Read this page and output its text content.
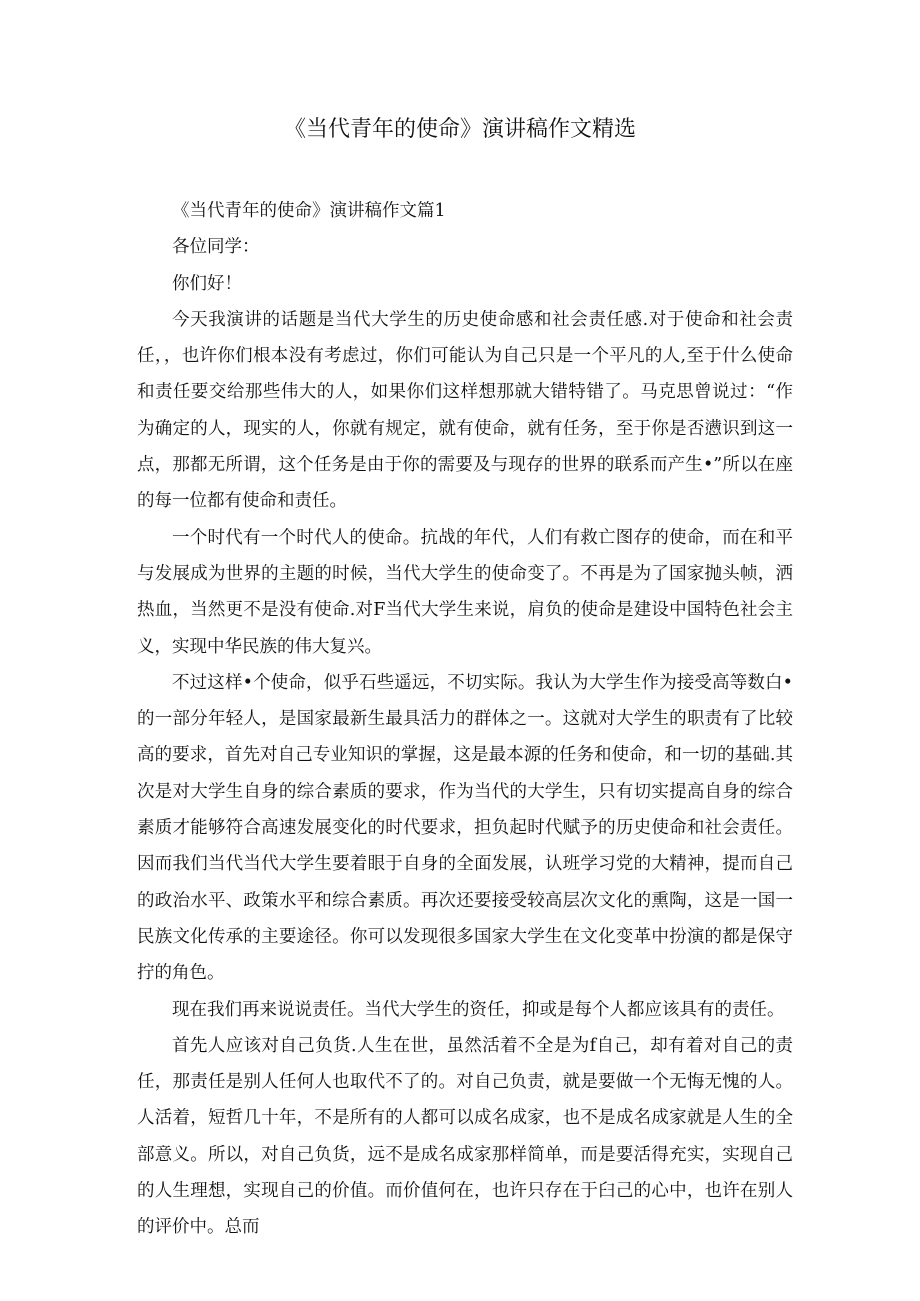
《当代青年的使命》演讲稿作文精选

《当代青年的使命》演讲稿作文篇1

各位同学：

你们好！

今天我演讲的话题是当代大学生的历史使命感和社会责任感.对于使命和社会责任，，也许你们根本没有考虑过，你们可能认为自己只是一个平凡的人,至于什么使命和责任要交给那些伟大的人，如果你们这样想那就大错特错了。马克思曾说过：“作为确定的人，现实的人，你就有规定，就有使命，就有任务，至于你是否懑识到这一点，那都无所谓，这个任务是由于你的需要及与现存的世界的联系而产生•”所以在座的每一位都有使命和责任。

一个时代有一个时代人的使命。抗战的年代，人们有救亡图存的使命，而在和平与发展成为世界的主题的时候，当代大学生的使命变了。不再是为了国家抛头帧，洒热血，当然更不是没有使命.对F当代大学生来说，肩负的使命是建设中国特色社会主义，实现中华民族的伟大复兴。

不过这样•个使命，似乎石些遥远，不切实际。我认为大学生作为接受高等数白•的一部分年轻人，是国家最新生最具活力的群体之一。这就对大学生的职责有了比较高的要求，首先对自己专业知识的掌握，这是最本源的任务和使命，和一切的基础.其次是对大学生自身的综合素质的要求，作为当代的大学生，只有切实提高自身的综合素质才能够符合高速发展变化的时代要求，担负起时代赋予的历史使命和社会责任。因而我们当代当代大学生要着眼于自身的全面发展，认班学习党的大精神，提而自己的政治水平、政策水平和综合素质。再次还要接受较高层次文化的熏陶，这是一国一民族文化传承的主要途径。你可以发现很多国家大学生在文化变革中扮演的都是保守拧的角色。

现在我们再来说说责任。当代大学生的资任，抑或是每个人都应该具有的责任。

首先人应该对自己负货.人生在世，虽然活着不全是为f自己，却有着对自己的责任，那责任是别人任何人也取代不了的。对自己负责，就是要做一个无悔无愧的人。人活着，短哲几十年，不是所有的人都可以成名成家，也不是成名成家就是人生的全部意义。所以，对自己负货，远不是成名成家那样简单，而是要活得充实，实现自己的人生理想，实现自己的价值。而价值何在，也许只存在于臼己的心中，也许在别人的评价中。总而
